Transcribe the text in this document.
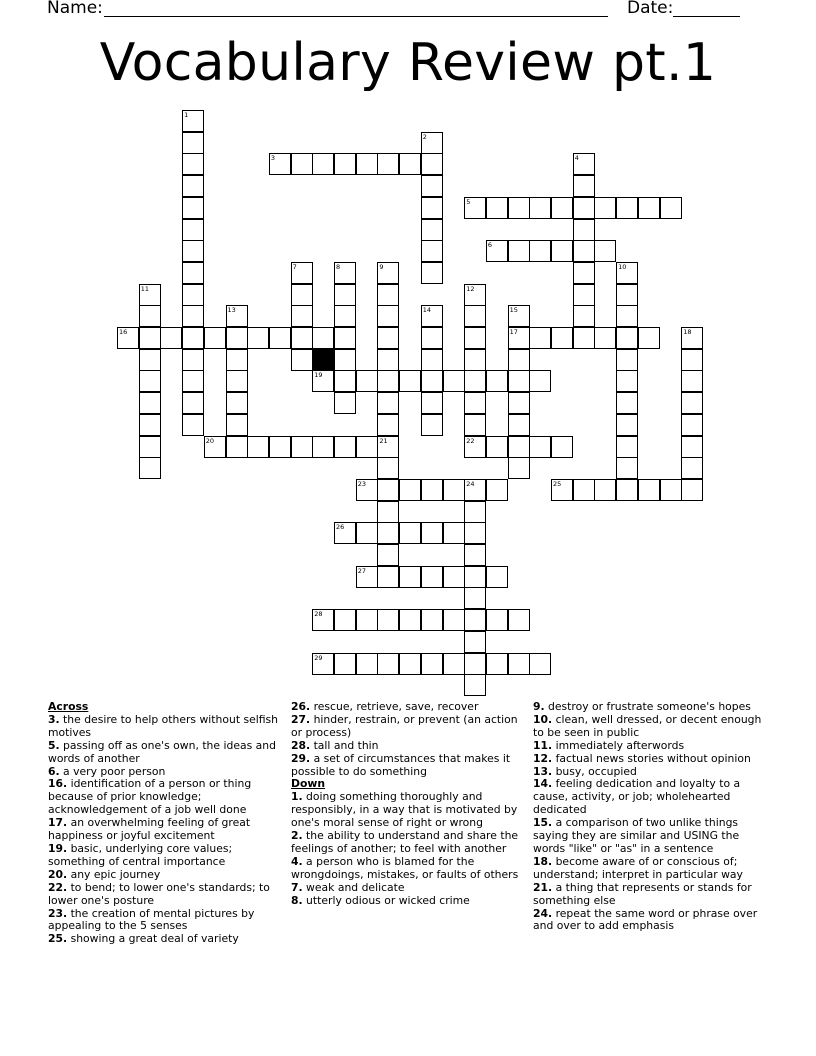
Name:	Date:
Vocabulary Review pt.1
1
2
3	4
5
6
7	8	9	10
11	12
13	14	15
17
16	18
19
20	21	22
23	24	25
26
27
28
29

Across

3. the desire to help others without selfish motives

5. passing off as one's own, the ideas and words of another

6. a very poor person

16. identification of a person or thing because of prior knowledge; acknowledgement of a job well done

17. an overwhelming feeling of great happiness or joyful excitement

19. basic, underlying core values; something of central importance

20. any epic journey

22. to bend; to lower one's standards; to lower one's posture

23. the creation of mental pictures by appealing to the 5 senses

25. showing a great deal of variety

26. rescue, retrieve, save, recover

27. hinder, restrain, or prevent (an action or process)

28. tall and thin

29. a set of circumstances that makes it possible to do something

Down

1. doing something thoroughly and responsibly, in a way that is motivated by one's moral sense of right or wrong

2. the ability to understand and share the feelings of another; to feel with another

4. a person who is blamed for the wrongdoings, mistakes, or faults of others

7. weak and delicate

8. utterly odious or wicked crime

9. destroy or frustrate someone's hopes

10. clean, well dressed, or decent enough to be seen in public

11. immediately afterwords

12. factual news stories without opinion

13. busy, occupied

14. feeling dedication and loyalty to a cause, activity, or job; wholehearted dedicated

15. a comparison of two unlike things saying they are similar and USING the words "like" or "as" in a sentence

18. become aware of or conscious of; understand; interpret in particular way

21. a thing that represents or stands for something else

24. repeat the same word or phrase over and over to add emphasis
